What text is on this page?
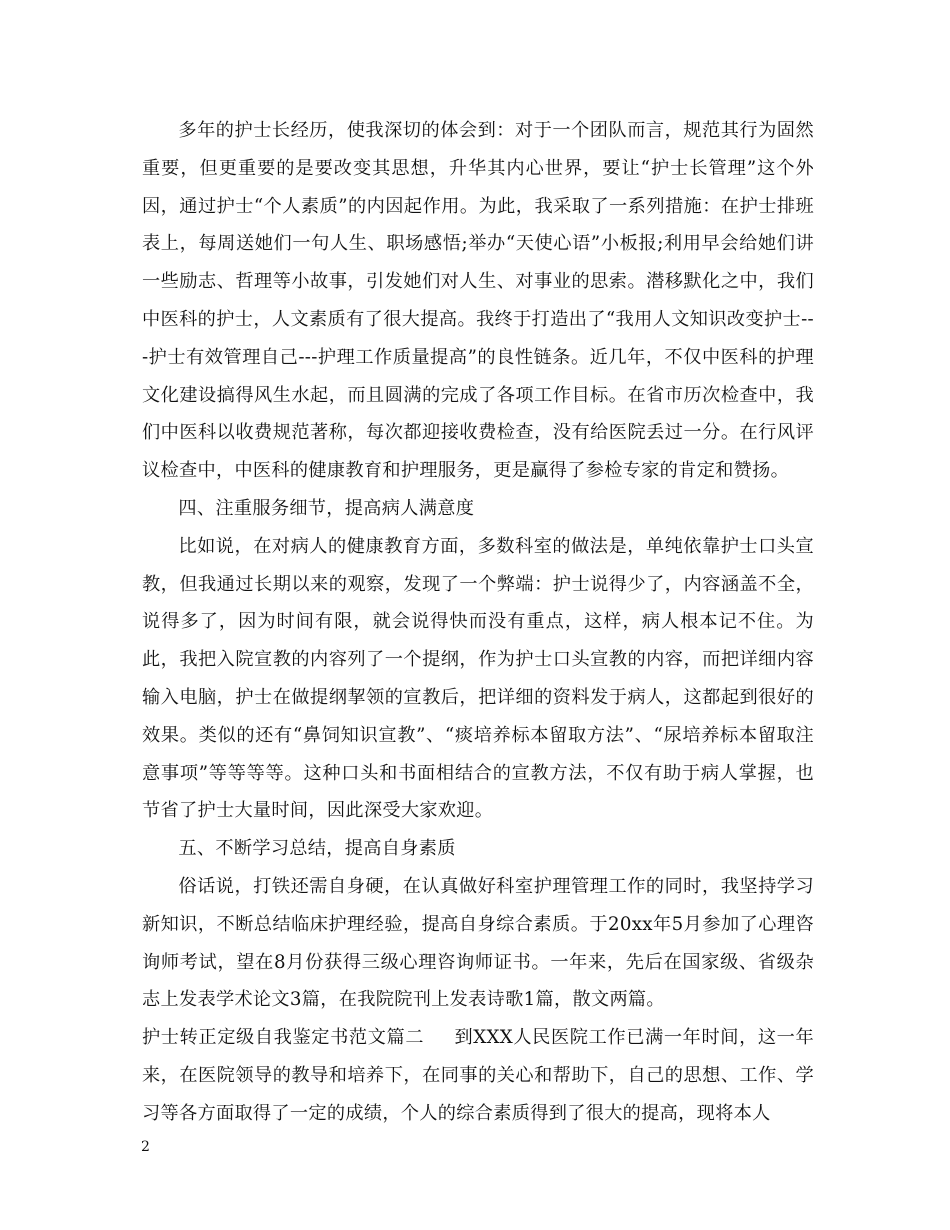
多年的护士长经历，使我深切的体会到：对于一个团队而言，规范其行为固然重要，但更重要的是要改变其思想，升华其内心世界，要让“护士长管理”这个外因，通过护士“个人素质”的内因起作用。为此，我采取了一系列措施：在护士排班表上，每周送她们一句人生、职场感悟;举办“天使心语”小板报;利用早会给她们讲一些励志、哲理等小故事，引发她们对人生、对事业的思索。潜移默化之中，我们中医科的护士，人文素质有了很大提高。我终于打造出了“我用人文知识改变护士---护士有效管理自己---护理工作质量提高”的良性链条。近几年，不仅中医科的护理文化建设搞得风生水起，而且圆满的完成了各项工作目标。在省市历次检查中，我们中医科以收费规范著称，每次都迎接收费检查，没有给医院丢过一分。在行风评议检查中，中医科的健康教育和护理服务，更是赢得了参检专家的肯定和赞扬。

四、注重服务细节，提高病人满意度

比如说，在对病人的健康教育方面，多数科室的做法是，单纯依靠护士口头宣教，但我通过长期以来的观察，发现了一个弊端：护士说得少了，内容涵盖不全，说得多了，因为时间有限，就会说得快而没有重点，这样，病人根本记不住。为此，我把入院宣教的内容列了一个提纲，作为护士口头宣教的内容，而把详细内容输入电脑，护士在做提纲挈领的宣教后，把详细的资料发于病人，这都起到很好的效果。类似的还有“鼻饲知识宣教”、“痰培养标本留取方法”、“尿培养标本留取注意事项”等等等等。这种口头和书面相结合的宣教方法，不仅有助于病人掌握，也节省了护士大量时间，因此深受大家欢迎。

五、不断学习总结，提高自身素质

俗话说，打铁还需自身硬，在认真做好科室护理管理工作的同时，我坚持学习新知识，不断总结临床护理经验，提高自身综合素质。于20xx年5月参加了心理咨询师考试，望在8月份获得三级心理咨询师证书。一年来，先后在国家级、省级杂志上发表学术论文3篇，在我院院刊上发表诗歌1篇，散文两篇。

护士转正定级自我鉴定书范文篇二 到XXX人民医院工作已满一年时间，这一年来，在医院领导的教导和培养下，在同事的关心和帮助下，自己的思想、工作、学习等各方面取得了一定的成绩，个人的综合素质得到了很大的提高，现将本人

2
